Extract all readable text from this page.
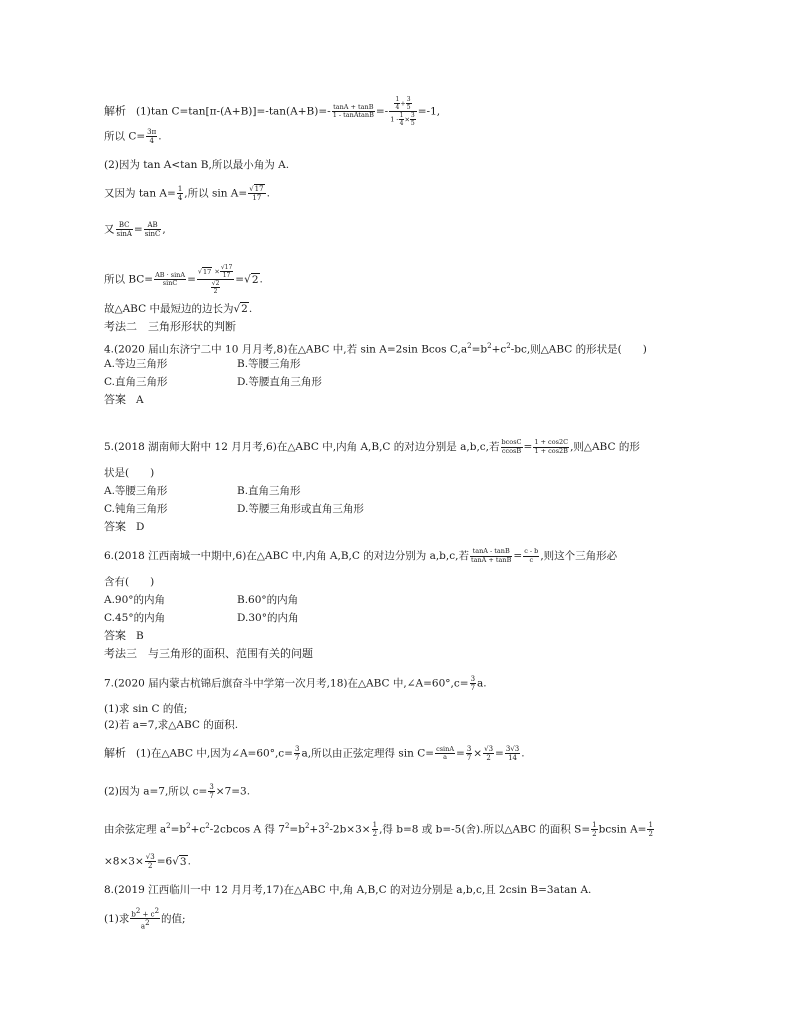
解析 (1)tan $C=\tan[\pi-(A+B)]=-\tan(A+B)=- \frac{\tan A + \tan B}{\text{1 - tanAtanB}} =- \frac{\frac{1}{4} + \frac{3}{5}}{1 - \frac{1}{4} \times \frac{3}{5}} =-1$,
所以 $C= \frac{3\pi}{4}$ .
(2)因为 tan A<tan B,所以最小角为 A.
又因为 $\tan A= \frac{1}{4}$ ,所以 $\sin A= \frac{√17}{17}$ .
又 $\frac{BC}{\sin A} = \frac{AB}{\sin C}$ ,
所以 $BC= \frac{AB \cdot \sin A}{\sin C} = \frac{√17 \times \frac{√17}{17}}{\frac{√2}{2}} =√2$.
故△ABC 中最短边的边长为√2.
考法二　三角形形状的判断
4.(2020 届山东济宁二中 10 月月考,8)在△ABC 中,若 sin A=2sin Bcos $C,a^2=b^2+c^2-bc$,则△ABC 的形状是(　　)
A.等边三角形	B.等腰三角形
C.直角三角形	D.等腰直角三角形
答案 A
5.(2018 湖南师大附中 12 月月考,6)在△ABC 中,内角 A,B,C 的对边分别是 a,b,c,若 $\frac{bcosC}{ccosB} = \frac{1 + \cos 2C}{1 + \cos 2B}$ ,则△ABC 的形
状是(　　)
A.等腰三角形	B.直角三角形
C.钝角三角形	D.等腰三角形或直角三角形
答案 D
6.(2018 江西南城一中期中,6)在△ABC 中,内角 A,B,C 的对边分别为 a,b,c,若 $\frac{\tan A - \tan B}{\tan A + \tan B} = \frac{c - b}{c}$ ,则这个三角形必
含有(　　)
A.90°的内角	B.60°的内角
C.45°的内角	D.30°的内角
答案 B
考法三　与三角形的面积、范围有关的问题
7.(2020 届内蒙古杭锦后旗奋斗中学第一次月考,18)在△ABC 中,∠A=60°,c= $\frac{3}{7} a$.
(1)求 sin C 的值;
(2)若 a=7,求△ABC 的面积.
解析 (1)在△ABC 中,因为∠A=60°,c= $\frac{3}{7} a$,所以由正弦定理得 $\sin C= \frac{csinA}{a} = \frac{3}{7} \times \frac{√3}{2} = \frac{3√3}{14}$ .
(2)因为 a=7,所以 $c= \frac{3}{7} \times 7=3$.
由余弦定理 $a^2=b^2+c^2-2cbcos$ A 得 $7^2=b^2+3^2-2b\times 3\times \frac{1}{2}$ ,得 b=8 或 b=-5(舍).所以△ABC 的面积 $S= \frac{1}{2}$ bcsin $A= \frac{1}{2}$
$\times 8\times 3\times \frac{√3}{2} =6√3$.
8.(2019 江西临川一中 12 月月考,17)在△ABC 中,角 A,B,C 的对边分别是 a,b,c,且 2csin B=3atan A.
(1)求 $\frac{b^2 + c^2}{a^2}$ 的值;
